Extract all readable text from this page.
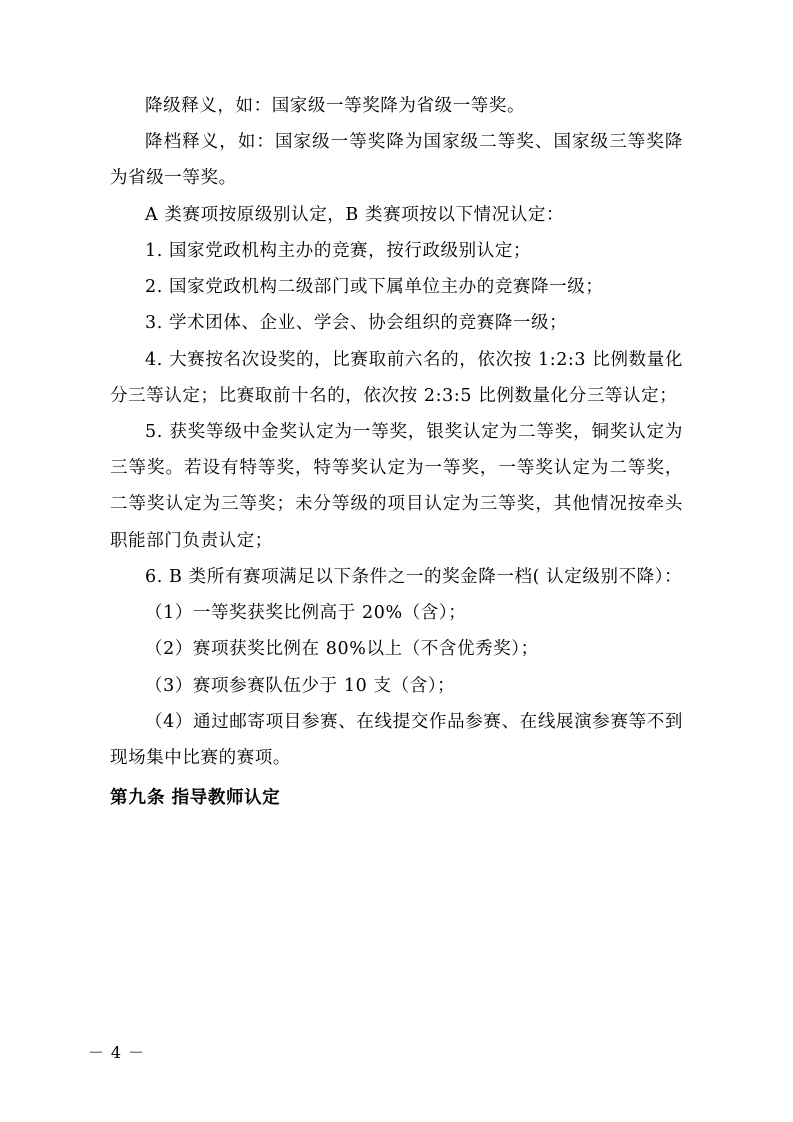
降级释义，如：国家级一等奖降为省级一等奖。

降档释义，如：国家级一等奖降为国家级二等奖、国家级三等奖降为省级一等奖。

A 类赛项按原级别认定，B 类赛项按以下情况认定：

1. 国家党政机构主办的竞赛，按行政级别认定；

2. 国家党政机构二级部门或下属单位主办的竞赛降一级；

3. 学术团体、企业、学会、协会组织的竞赛降一级；

4. 大赛按名次设奖的，比赛取前六名的，依次按 1:2:3 比例数量化分三等认定；比赛取前十名的，依次按 2:3:5 比例数量化分三等认定；

5. 获奖等级中金奖认定为一等奖，银奖认定为二等奖，铜奖认定为三等奖。若设有特等奖，特等奖认定为一等奖，一等奖认定为二等奖，二等奖认定为三等奖；未分等级的项目认定为三等奖，其他情况按牵头职能部门负责认定；

6. B 类所有赛项满足以下条件之一的奖金降一档( 认定级别不降）：

（1）一等奖获奖比例高于 20%（含）；

（2）赛项获奖比例在 80%以上（不含优秀奖）；

（3）赛项参赛队伍少于 10 支（含）；

（4）通过邮寄项目参赛、在线提交作品参赛、在线展演参赛等不到现场集中比赛的赛项。

第九条 指导教师认定

－ 4 －
